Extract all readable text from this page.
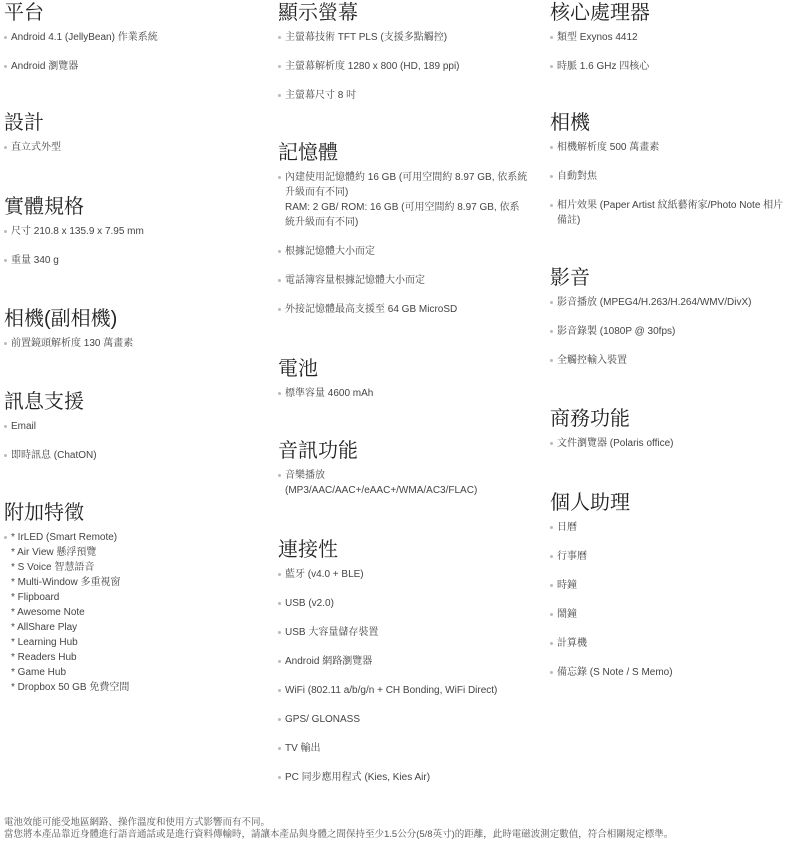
平台
Android 4.1 (JellyBean) 作業系統
Android 瀏覽器
設計
直立式外型
實體規格
尺寸 210.8 x 135.9 x 7.95 mm
重量 340 g
相機(副相機)
前置鏡頭解析度 130 萬畫素
訊息支援
Email
即時訊息 (ChatON)
附加特徵
* IrLED (Smart Remote)
* Air View 懸浮預覽
* S Voice 智慧語音
* Multi-Window 多重視窗
* Flipboard
* Awesome Note
* AllShare Play
* Learning Hub
* Readers Hub
* Game Hub
* Dropbox 50 GB 免費空間
顯示螢幕
主螢幕技術 TFT PLS (支援多點觸控)
主螢幕解析度 1280 x 800 (HD, 189 ppi)
主螢幕尺寸 8 吋
記憶體
內建使用記憶體約 16 GB (可用空間約 8.97 GB, 依系統
升級而有不同)
RAM: 2 GB/ ROM: 16 GB (可用空間約 8.97 GB, 依系
統升級而有不同)
根據記憶體大小而定
電話簿容量根據記憶體大小而定
外接記憶體最高支援至 64 GB MicroSD
電池
標準容量 4600 mAh
音訊功能
音樂播放
(MP3/AAC/AAC+/eAAC+/WMA/AC3/FLAC)
連接性
藍牙 (v4.0 + BLE)
USB (v2.0)
USB 大容量儲存裝置
Android 網路瀏覽器
WiFi (802.11 a/b/g/n + CH Bonding, WiFi Direct)
GPS/ GLONASS
TV 輸出
PC 同步應用程式 (Kies, Kies Air)
核心處理器
類型 Exynos 4412
時脈 1.6 GHz 四核心
相機
相機解析度 500 萬畫素
自動對焦
相片效果 (Paper Artist 紋紙藝術家/Photo Note 相片
備註)
影音
影音播放 (MPEG4/H.263/H.264/WMV/DivX)
影音錄製 (1080P @ 30fps)
全觸控輸入裝置
商務功能
文件瀏覽器 (Polaris office)
個人助理
日曆
行事曆
時鐘
鬧鐘
計算機
備忘錄 (S Note / S Memo)
電池效能可能受地區網路、操作溫度和使用方式影響而有不同。
當您將本產品靠近身體進行語音通話或是進行資料傳輸時，請讓本產品與身體之間保持至少1.5公分(5/8英寸)的距離，此時電磁波測定數值，符合相關規定標準。
